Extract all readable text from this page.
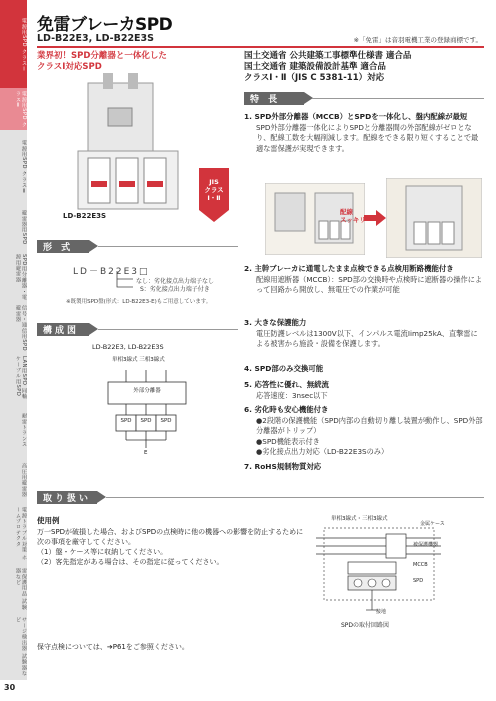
電源用SPD クラスⅠ
電源用SPD クラスⅡ
電源用SPD クラスⅡ
避雷器用SPD
SPD用分離器・電源用避雷器
信号・通信用SPD 避雷器
LAN用SPD 同軸ケーブル用SPD
耐雷トランス
高圧用避雷器
電源トラブル対策 ホームプロテクタ
雷保護用品 試験器など
サージ検出器 試験器など
30
免雷ブレーカSPD
LD-B22E3, LD-B22E3S	※「免雷」は音羽電機工業の登録商標です。
業界初！SPD分離器と一体化した
クラスⅠ対応SPD
国土交通省 公共建築工事標準仕様書 適合品
国土交通省 建築設備設計基準 適合品
クラスⅠ・Ⅱ（JIS C 5381-11）対応
LD-B22E3S
JIS
クラス
Ⅰ・Ⅱ
形 式
LD－B22E3□
なし：劣化接点出力端子なし
S：劣化接点出力端子付き
※既製用SPD盤(形式：LD-B22E3-E)もご用意しています。
構成図
LD-B22E3, LD-B22E3S
単相3線式 三相3線式
外部分離器
SPD	SPD	SPD
E
特 長
1. SPD外部分離器（MCCB）とSPDを一体化し、盤内配線が最短
SPD外部分離器一体化によりSPDと分離器間の外部配線がゼロとなり、配線工数を大幅削減します。配線をできる限り短くすることで最適な雷保護が実現できます。
配線
スッキリ
2. 主幹ブレーカに通電したまま点検できる点検用断路機能付き
配線用遮断器（MCCB）：SPD部の交換時や点検時に遮断器の操作によって回路から開放し、無電圧での作業が可能
3. 大きな保護能力
電圧防護レベルは1300V以下、インパルス電流Iimp25kA、直撃雷による被害から施設・設備を保護します。
4. SPD部のみ交換可能
5. 応答性に優れ、無続流
応答速度：3nsec以下
6. 劣化時も安心機能付き
●2段階の保護機能（SPD内部の自動切り離し装置が動作し、SPD外部分離器がトリップ）
●SPD機能表示付き
●劣化接点出力対応（LD-B22E3Sのみ）
7. RoHS規制物質対応
取り扱い
使用例
万一SPDが破損した場合、およびSPDの点検時に他の機器への影響を防止するために次の事項を厳守してください。
（1）盤・ケース等に収納してください。
（2）客先指定がある場合は、その指定に従ってください。
単相3線式・三相3線式
金属ケース
被保護機器
MCCB
SPD
接地
SPDの取付回路図
保守点検については、➔P61をご参照ください。
